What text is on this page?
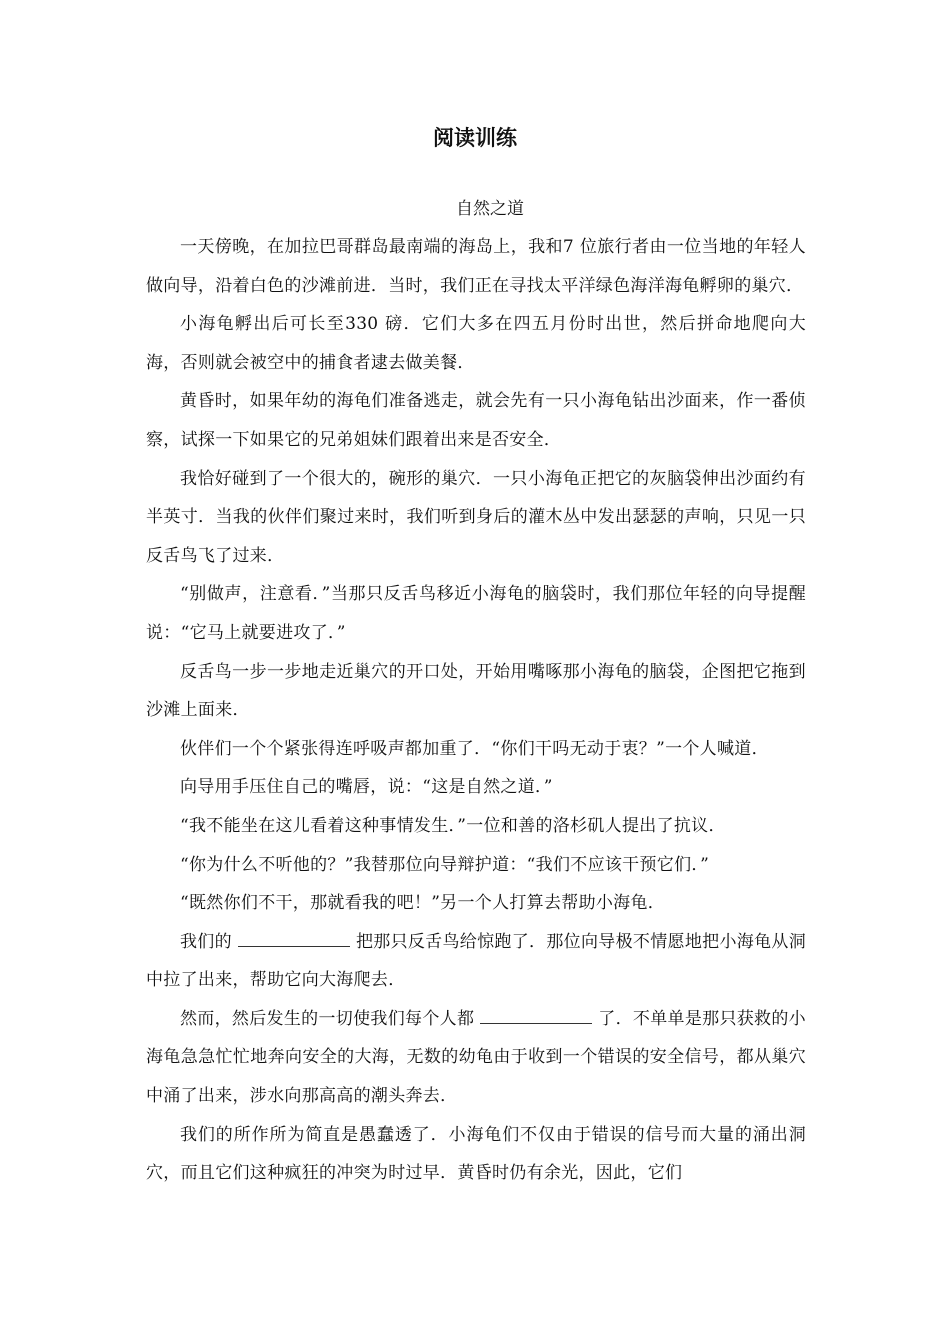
阅读训练
自然之道

一天傍晚，在加拉巴哥群岛最南端的海岛上，我和7 位旅行者由一位当地的年轻人做向导，沿着白色的沙滩前进．当时，我们正在寻找太平洋绿色海洋海龟孵卵的巢穴．

小海龟孵出后可长至330 磅．它们大多在四五月份时出世，然后拼命地爬向大海，否则就会被空中的捕食者逮去做美餐．

黄昏时，如果年幼的海龟们准备逃走，就会先有一只小海龟钻出沙面来，作一番侦察，试探一下如果它的兄弟姐妹们跟着出来是否安全．

我恰好碰到了一个很大的，碗形的巢穴．一只小海龟正把它的灰脑袋伸出沙面约有半英寸．当我的伙伴们聚过来时，我们听到身后的灌木丛中发出瑟瑟的声响，只见一只反舌鸟飞了过来．

“别做声，注意看．”当那只反舌鸟移近小海龟的脑袋时，我们那位年轻的向导提醒说：“它马上就要进攻了．”

反舌鸟一步一步地走近巢穴的开口处，开始用嘴啄那小海龟的脑袋，企图把它拖到沙滩上面来．

伙伴们一个个紧张得连呼吸声都加重了．“你们干吗无动于衷？”一个人喊道．

向导用手压住自己的嘴唇，说：“这是自然之道．”

“我不能坐在这儿看着这种事情发生．”一位和善的洛杉矶人提出了抗议．

“你为什么不听他的？”我替那位向导辩护道：“我们不应该干预它们．”

“既然你们不干，那就看我的吧！”另一个人打算去帮助小海龟．

我们的	把那只反舌鸟给惊跑了．那位向导极不情愿地把小海龟从洞中拉了出来，帮助它向大海爬去．

然而，然后发生的一切使我们每个人都	了．不单单是那只获救的小海龟急急忙忙地奔向安全的大海，无数的幼龟由于收到一个错误的安全信号，都从巢穴中涌了出来，涉水向那高高的潮头奔去．

我们的所作所为简直是愚蠢透了．小海龟们不仅由于错误的信号而大量的涌出洞穴，而且它们这种疯狂的冲突为时过早．黄昏时仍有余光，因此，它们
